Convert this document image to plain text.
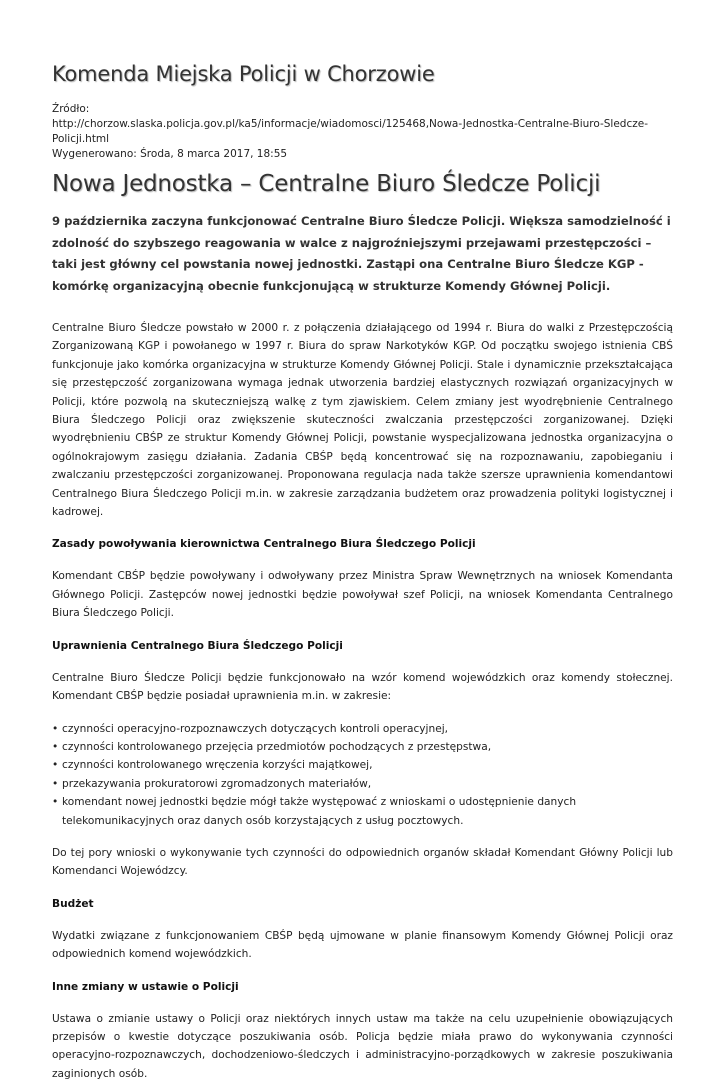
Komenda Miejska Policji w Chorzowie

Źródło:

http://chorzow.slaska.policja.gov.pl/ka5/informacje/wiadomosci/125468,Nowa-Jednostka-Centralne-Biuro-Sledcze-Policji.html

Wygenerowano: Środa, 8 marca 2017, 18:55

Nowa Jednostka – Centralne Biuro Śledcze Policji

9 października zaczyna funkcjonować Centralne Biuro Śledcze Policji. Większa samodzielność i zdolność do szybszego reagowania w walce z najgroźniejszymi przejawami przestępczości – taki jest główny cel powstania nowej jednostki. Zastąpi ona Centralne Biuro Śledcze KGP - komórkę organizacyjną obecnie funkcjonującą w strukturze Komendy Głównej Policji.

Centralne Biuro Śledcze powstało w 2000 r. z połączenia działającego od 1994 r. Biura do walki z Przestępczością Zorganizowaną KGP i powołanego w 1997 r. Biura do spraw Narkotyków KGP. Od początku swojego istnienia CBŚ funkcjonuje jako komórka organizacyjna w strukturze Komendy Głównej Policji. Stale i dynamicznie przekształcająca się przestępczość zorganizowana wymaga jednak utworzenia bardziej elastycznych rozwiązań organizacyjnych w Policji, które pozwolą na skuteczniejszą walkę z tym zjawiskiem. Celem zmiany jest wyodrębnienie Centralnego Biura Śledczego Policji oraz zwiększenie skuteczności zwalczania przestępczości zorganizowanej. Dzięki wyodrębnieniu CBŚP ze struktur Komendy Głównej Policji, powstanie wyspecjalizowana jednostka organizacyjna o ogólnokrajowym zasięgu działania. Zadania CBŚP będą koncentrować się na rozpoznawaniu, zapobieganiu i zwalczaniu przestępczości zorganizowanej. Proponowana regulacja nada także szersze uprawnienia komendantowi Centralnego Biura Śledczego Policji m.in. w zakresie zarządzania budżetem oraz prowadzenia polityki logistycznej i kadrowej.

Zasady powoływania kierownictwa Centralnego Biura Śledczego Policji

Komendant CBŚP będzie powoływany i odwoływany przez Ministra Spraw Wewnętrznych na wniosek Komendanta Głównego Policji. Zastępców nowej jednostki będzie powoływał szef Policji, na wniosek Komendanta Centralnego Biura Śledczego Policji.

Uprawnienia Centralnego Biura Śledczego Policji

Centralne Biuro Śledcze Policji będzie funkcjonowało na wzór komend wojewódzkich oraz komendy stołecznej. Komendant CBŚP będzie posiadał uprawnienia m.in. w zakresie:

• czynności operacyjno-rozpoznawczych dotyczących kontroli operacyjnej,
• czynności kontrolowanego przejęcia przedmiotów pochodzących z przestępstwa,
• czynności kontrolowanego wręczenia korzyści majątkowej,
• przekazywania prokuratorowi zgromadzonych materiałów,
• komendant nowej jednostki będzie mógł także występować z wnioskami o udostępnienie danych telekomunikacyjnych oraz danych osób korzystających z usług pocztowych.

Do tej pory wnioski o wykonywanie tych czynności do odpowiednich organów składał Komendant Główny Policji lub Komendanci Wojewódzcy.

Budżet

Wydatki związane z funkcjonowaniem CBŚP będą ujmowane w planie finansowym Komendy Głównej Policji oraz odpowiednich komend wojewódzkich.

Inne zmiany w ustawie o Policji

Ustawa o zmianie ustawy o Policji oraz niektórych innych ustaw ma także na celu uzupełnienie obowiązujących przepisów o kwestie dotyczące poszukiwania osób. Policja będzie miała prawo do wykonywania czynności operacyjno-rozpoznawczych, dochodzeniowo-śledczych i administracyjno-porządkowych w zakresie poszukiwania zaginionych osób.
